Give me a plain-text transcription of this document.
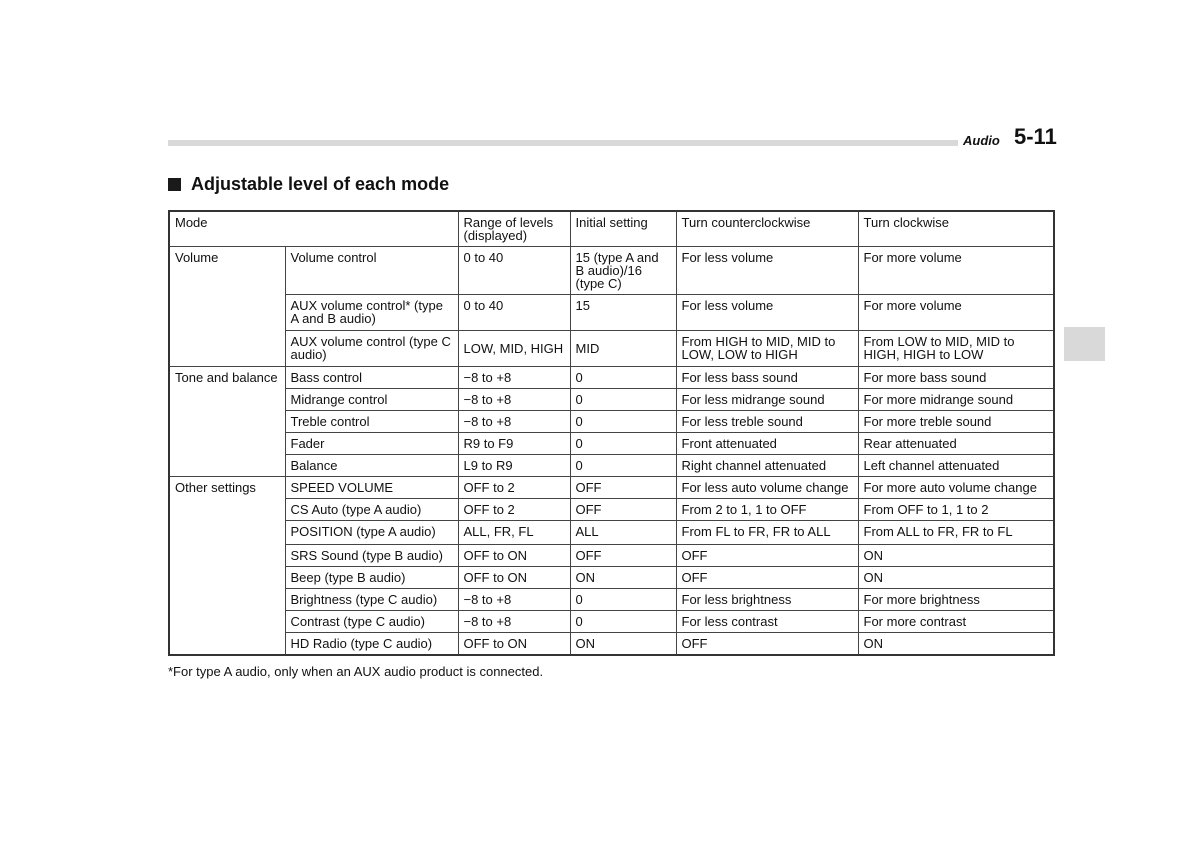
Audio 5-11
Adjustable level of each mode
Mode		Range of levels (displayed)	Initial setting	Turn counterclockwise	Turn clockwise
Volume	Volume control	0 to 40	15 (type A and B audio)/16 (type C)	For less volume	For more volume
	AUX volume control* (type A and B audio)	0 to 40	15	For less volume	For more volume
	AUX volume control (type C audio)	LOW, MID, HIGH	MID	From HIGH to MID, MID to LOW, LOW to HIGH	From LOW to MID, MID to HIGH, HIGH to LOW
Tone and balance	Bass control	−8 to +8	0	For less bass sound	For more bass sound
	Midrange control	−8 to +8	0	For less midrange sound	For more midrange sound
	Treble control	−8 to +8	0	For less treble sound	For more treble sound
	Fader	R9 to F9	0	Front attenuated	Rear attenuated
	Balance	L9 to R9	0	Right channel attenuated	Left channel attenuated
Other settings	SPEED VOLUME	OFF to 2	OFF	For less auto volume change	For more auto volume change
	CS Auto (type A audio)	OFF to 2	OFF	From 2 to 1, 1 to OFF	From OFF to 1, 1 to 2
	POSITION (type A audio)	ALL, FR, FL	ALL	From FL to FR, FR to ALL	From ALL to FR, FR to FL
	SRS Sound (type B audio)	OFF to ON	OFF	OFF	ON
	Beep (type B audio)	OFF to ON	ON	OFF	ON
	Brightness (type C audio)	−8 to +8	0	For less brightness	For more brightness
	Contrast (type C audio)	−8 to +8	0	For less contrast	For more contrast
	HD Radio (type C audio)	OFF to ON	ON	OFF	ON
*For type A audio, only when an AUX audio product is connected.
